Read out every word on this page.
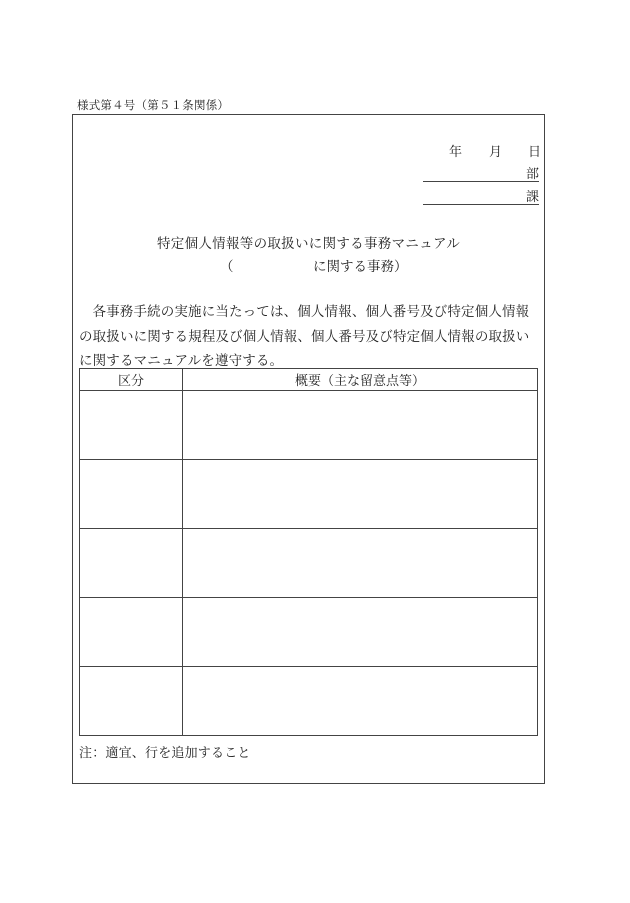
様式第４号（第５１条関係）
年 月 日
部
課
特定個人情報等の取扱いに関する事務マニュアル
（	に関する事務）
各事務手続の実施に当たっては、個人情報、個人番号及び特定個人情報の取扱いに関する規程及び個人情報、個人番号及び特定個人情報の取扱いに関するマニュアルを遵守する。
区分	概要（主な留意点等）

注：適宜、行を追加すること
